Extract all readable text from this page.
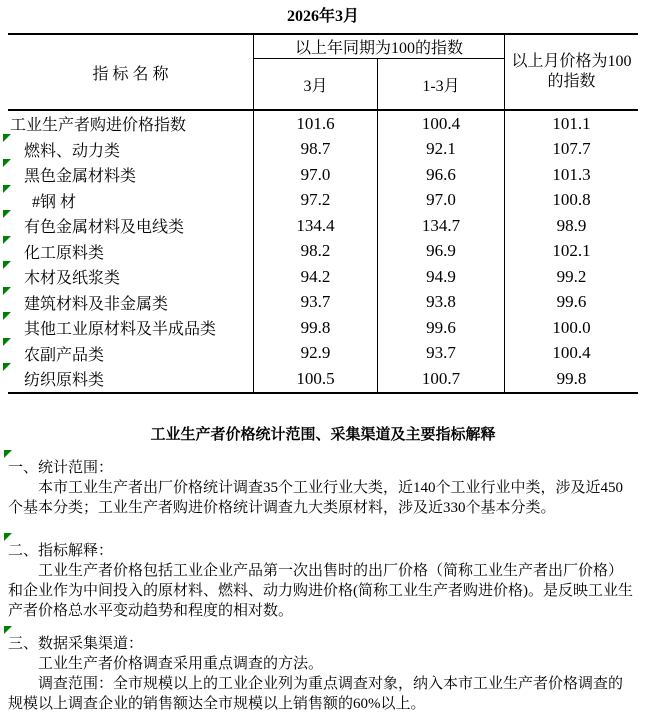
2026年3月
指 标 名 称
以上年同期为100的指数
以上月价格为100的指数
3月	1-3月
工业生产者购进价格指数	101.6	100.4	101.1
燃料、动力类	98.7	92.1	107.7
黑色金属材料类	97.0	96.6	101.3
#钢 材	97.2	97.0	100.8
有色金属材料及电线类	134.4	134.7	98.9
化工原料类	98.2	96.9	102.1
木材及纸浆类	94.2	94.9	99.2
建筑材料及非金属类	93.7	93.8	99.6
其他工业原材料及半成品类	99.8	99.6	100.0
农副产品类	92.9	93.7	100.4
纺织原料类	100.5	100.7	99.8
工业生产者价格统计范围、采集渠道及主要指标解释
一、统计范围：

本市工业生产者出厂价格统计调查35个工业行业大类，近140个工业行业中类，涉及近450个基本分类；工业生产者购进价格统计调查九大类原材料，涉及近330个基本分类。

二、指标解释：

工业生产者价格包括工业企业产品第一次出售时的出厂价格（简称工业生产者出厂价格）和企业作为中间投入的原材料、燃料、动力购进价格(简称工业生产者购进价格)。是反映工业生产者价格总水平变动趋势和程度的相对数。

三、数据采集渠道：

工业生产者价格调查采用重点调查的方法。

调查范围：全市规模以上的工业企业列为重点调查对象，纳入本市工业生产者价格调查的规模以上调查企业的销售额达全市规模以上销售额的60%以上。
